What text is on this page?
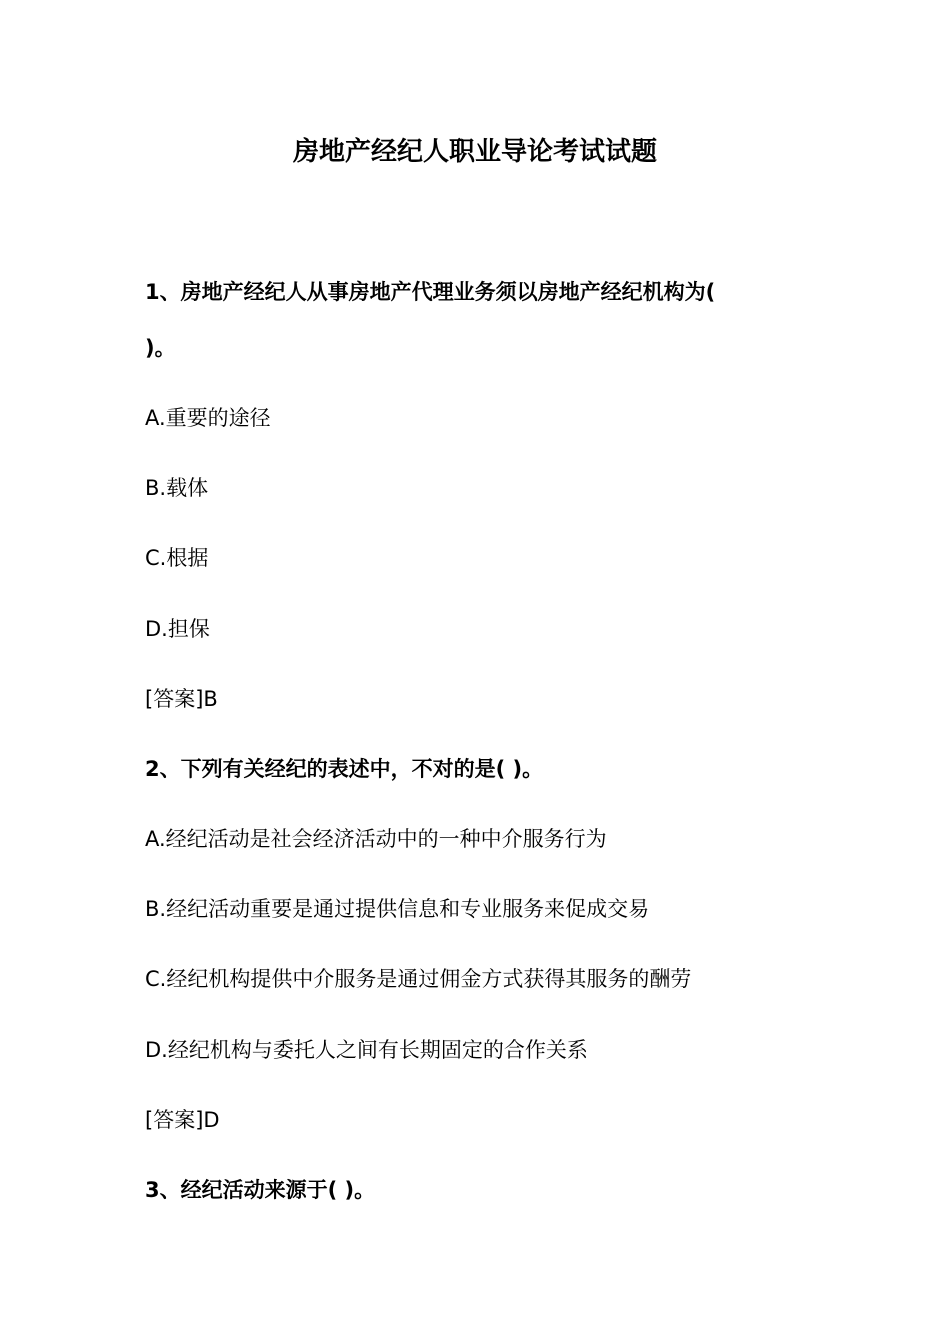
房地产经纪人职业导论考试试题
1、房地产经纪人从事房地产代理业务须以房地产经纪机构为(
)。
A.重要的途径
B.载体
C.根据
D.担保
[答案]B
2、下列有关经纪的表述中，不对的是( )。
A.经纪活动是社会经济活动中的一种中介服务行为
B.经纪活动重要是通过提供信息和专业服务来促成交易
C.经纪机构提供中介服务是通过佣金方式获得其服务的酬劳
D.经纪机构与委托人之间有长期固定的合作关系
[答案]D
3、经纪活动来源于( )。
